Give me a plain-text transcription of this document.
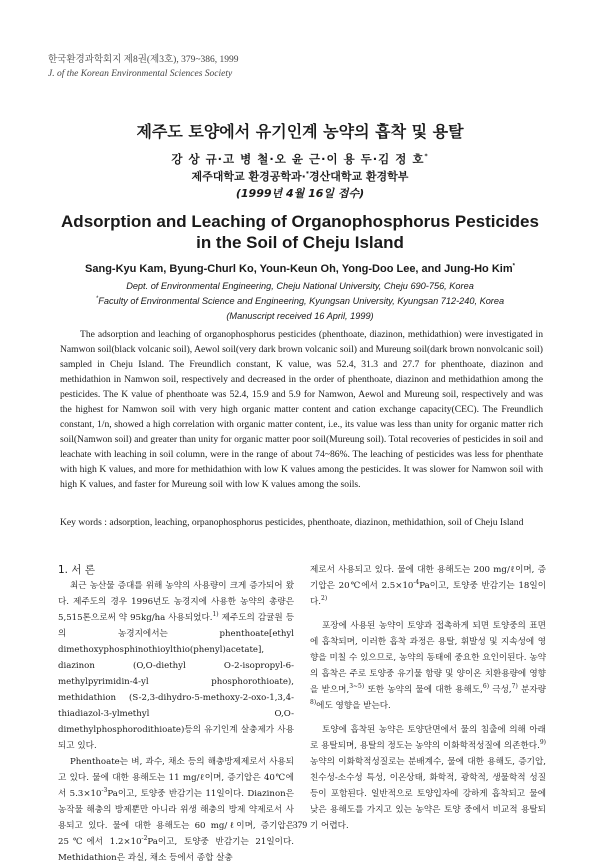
한국환경과학회지 제8권(제3호), 379~386, 1999
J. of the Korean Environmental Sciences Society
제주도 토양에서 유기인계 농약의 흡착 및 용탈
강 상 규·고 병 철·오 윤 근·이 용 두·김 정 호*
제주대학교 환경공학과·*경산대학교 환경학부
(1999년 4월 16일 접수)
Adsorption and Leaching of Organophosphorus Pesticides
in the Soil of Cheju Island
Sang-Kyu Kam, Byung-Churl Ko, Youn-Keun Oh, Yong-Doo Lee, and Jung-Ho Kim*
Dept. of Environmental Engineering, Cheju National University, Cheju 690-756, Korea
*Faculty of Environmental Science and Engineering, Kyungsan University, Kyungsan 712-240, Korea
(Manuscript received 16 April, 1999)
The adsorption and leaching of organophosphorus pesticides (phenthoate, diazinon, methidathion) were investigated in Namwon soil(black volcanic soil), Aewol soil(very dark brown volcanic soil) and Mureung soil(dark brown nonvolcanic soil) sampled in Cheju Island. The Freundlich constant, K value, was 52.4, 31.3 and 27.7 for phenthoate, diazinon and methidathion in Namwon soil, respectively and decreased in the order of phenthoate, diazinon and methidathion among the pesticides. The K value of phenthoate was 52.4, 15.9 and 5.9 for Namwon, Aewol and Mureung soil, respectively and was the highest for Namwon soil with very high organic matter content and cation exchange capacity(CEC). The Freundlich constant, 1/n, showed a high correlation with organic matter content, i.e., its value was less than unity for organic matter rich soil(Namwon soil) and greater than unity for organic matter poor soil(Mureung soil). Total recoveries of pesticides in soil and leachate with leaching in soil column, were in the range of about 74~86%. The leaching of pesticides was less for phenthate with high K values, and more for methidathion with low K values among the pesticides. It was slower for Namwon soil with high K values, and faster for Mureung soil with low K values among the soils.
Key words : adsorption, leaching, orpanophosphorus pesticides, phenthoate, diazinon, methidathion, soil of Cheju Island
1. 서 론

최근 농산물 증대를 위해 농약의 사용량이 크게 증가되어 왔다. 제주도의 경우 1996년도 농경지에 사용한 농약의 총량은 5,515톤으로써 약 95kg/ha 사용되었다.$^{1)}$ 제주도의 감귤원 등의 농경지에서는 phenthoate[ethyl dimethoxyphosphinothioylthio(phenyl)acetate], diazinon (O,O-diethyl O-2-isopropyl-6-methylpyrimidin-4-yl phosphorothioate), methidathion (S-2,3-dihydro-5-methoxy-2-oxo-1,3,4-thiadiazol-3-ylmethyl O,O-dimethylphosphorodithioate)등의 유기인계 살충제가 사용되고 있다.

Phenthoate는 벼, 과수, 채소 등의 해충방제제로서 사용되고 있다. 물에 대한 용해도는 11 mg/ℓ이며, 증기압은 40℃에서 $5.3\times 10^{-3}Pa$이고, 토양중 반감기는 11일이다. Diazinon은 농작물 해충의 방제뿐만 아니라 위생 해충의 방제 약제로서 사용되고 있다. 물에 대한 용해도는 60 mg/ℓ이며, 증기압은 25℃에서 $1.2\times 10^{-2}Pa$이고, 토양중 반감기는 21일이다. Methidathion은 과실, 채소 등에서 종합 살충

제로서 사용되고 있다. 물에 대한 용해도는 200 mg/ℓ이며, 증기압은 20℃에서 $2.5\times 10^{-4}Pa$이고, 토양중 반감기는 18일이다.$^{2)}$

포장에 사용된 농약이 토양과 접촉하게 되면 토양중의 표면에 흡착되며, 이러한 흡착 과정은 용탈, 휘발성 및 지속성에 영향을 미칠 수 있으므로, 농약의 동태에 중요한 요인이된다. 농약의 흡착은 주로 토양중 유기물 함량 및 양이온 치환용량에 영향을 받으며,$^{3\sim 5)}$ 또한 농약의 물에 대한 용해도,$^{6)}$ 극성,$^{7)}$ 분자량$^{8)}$에도 영향을 받는다.

토양에 흡착된 농약은 토양단면에서 물의 침출에 의해 아래로 용탈되며, 용탈의 정도는 농약의 이화학적성질에 의존한다.$^{9)}$ 농약의 이화학적성질로는 분배계수, 물에 대한 용해도, 증기압, 친수성-소수성 특성, 이온상태, 화학적, 광학적, 생물학적 성질 등이 포함된다. 일반적으로 토양입자에 강하게 흡착되고 물에 낮은 용해도를 가지고 있는 농약은 토양 중에서 비교적 용탈되기 어렵다.

379
